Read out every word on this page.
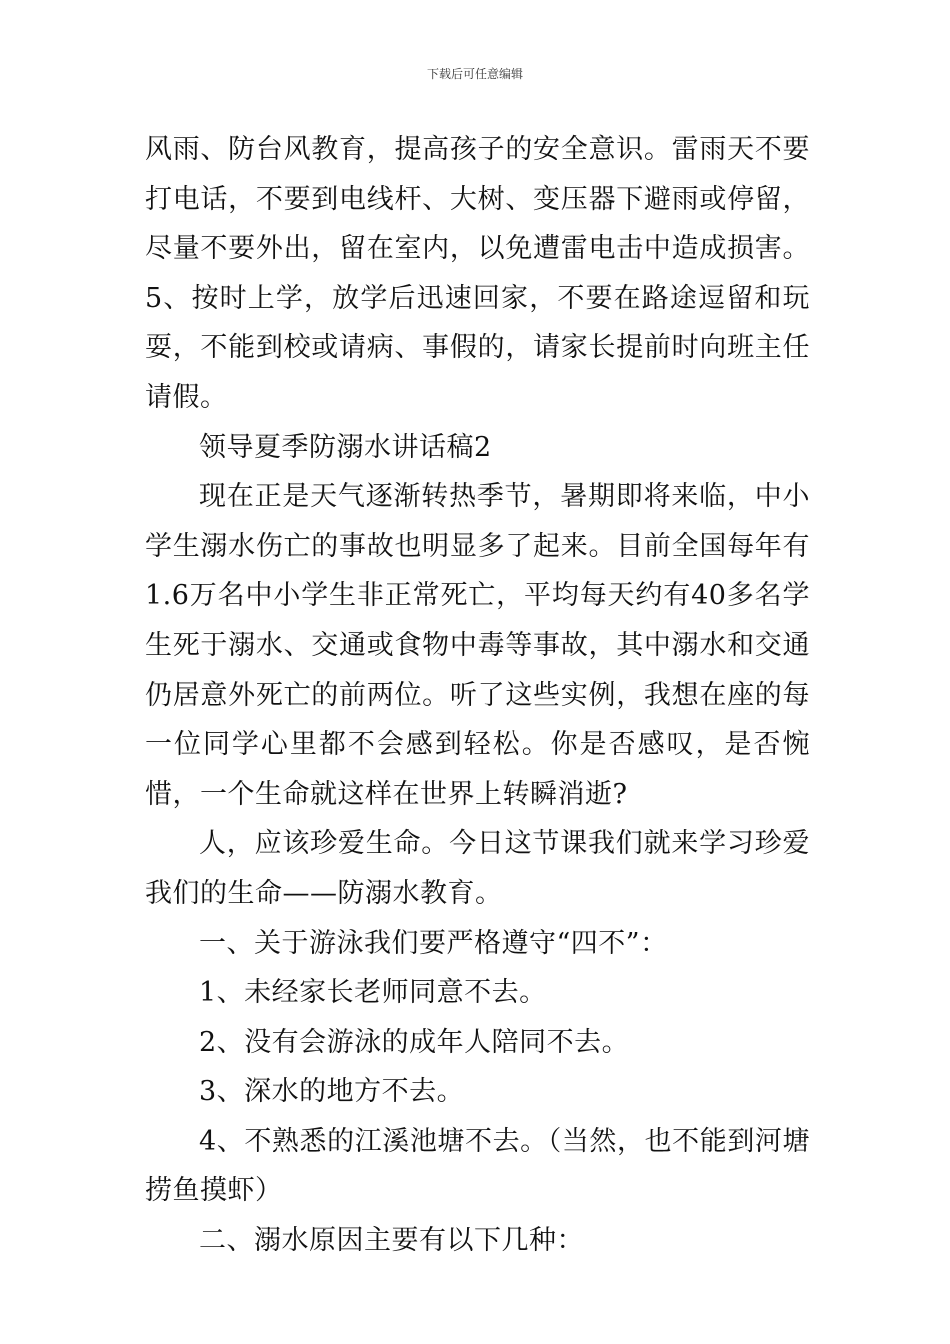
下载后可任意编辑

风雨、防台风教育，提高孩子的安全意识。雷雨天不要打电话，不要到电线杆、大树、变压器下避雨或停留，尽量不要外出，留在室内，以免遭雷电击中造成损害。5、按时上学，放学后迅速回家，不要在路途逗留和玩耍，不能到校或请病、事假的，请家长提前时向班主任请假。

领导夏季防溺水讲话稿2

现在正是天气逐渐转热季节，暑期即将来临，中小学生溺水伤亡的事故也明显多了起来。目前全国每年有1.6万名中小学生非正常死亡，平均每天约有40多名学生死于溺水、交通或食物中毒等事故，其中溺水和交通仍居意外死亡的前两位。听了这些实例，我想在座的每一位同学心里都不会感到轻松。你是否感叹，是否惋惜，一个生命就这样在世界上转瞬消逝?

人，应该珍爱生命。今日这节课我们就来学习珍爱我们的生命——防溺水教育。

一、关于游泳我们要严格遵守“四不”：

1、未经家长老师同意不去。

2、没有会游泳的成年人陪同不去。

3、深水的地方不去。

4、不熟悉的江溪池塘不去。（当然，也不能到河塘捞鱼摸虾）

二、溺水原因主要有以下几种：
